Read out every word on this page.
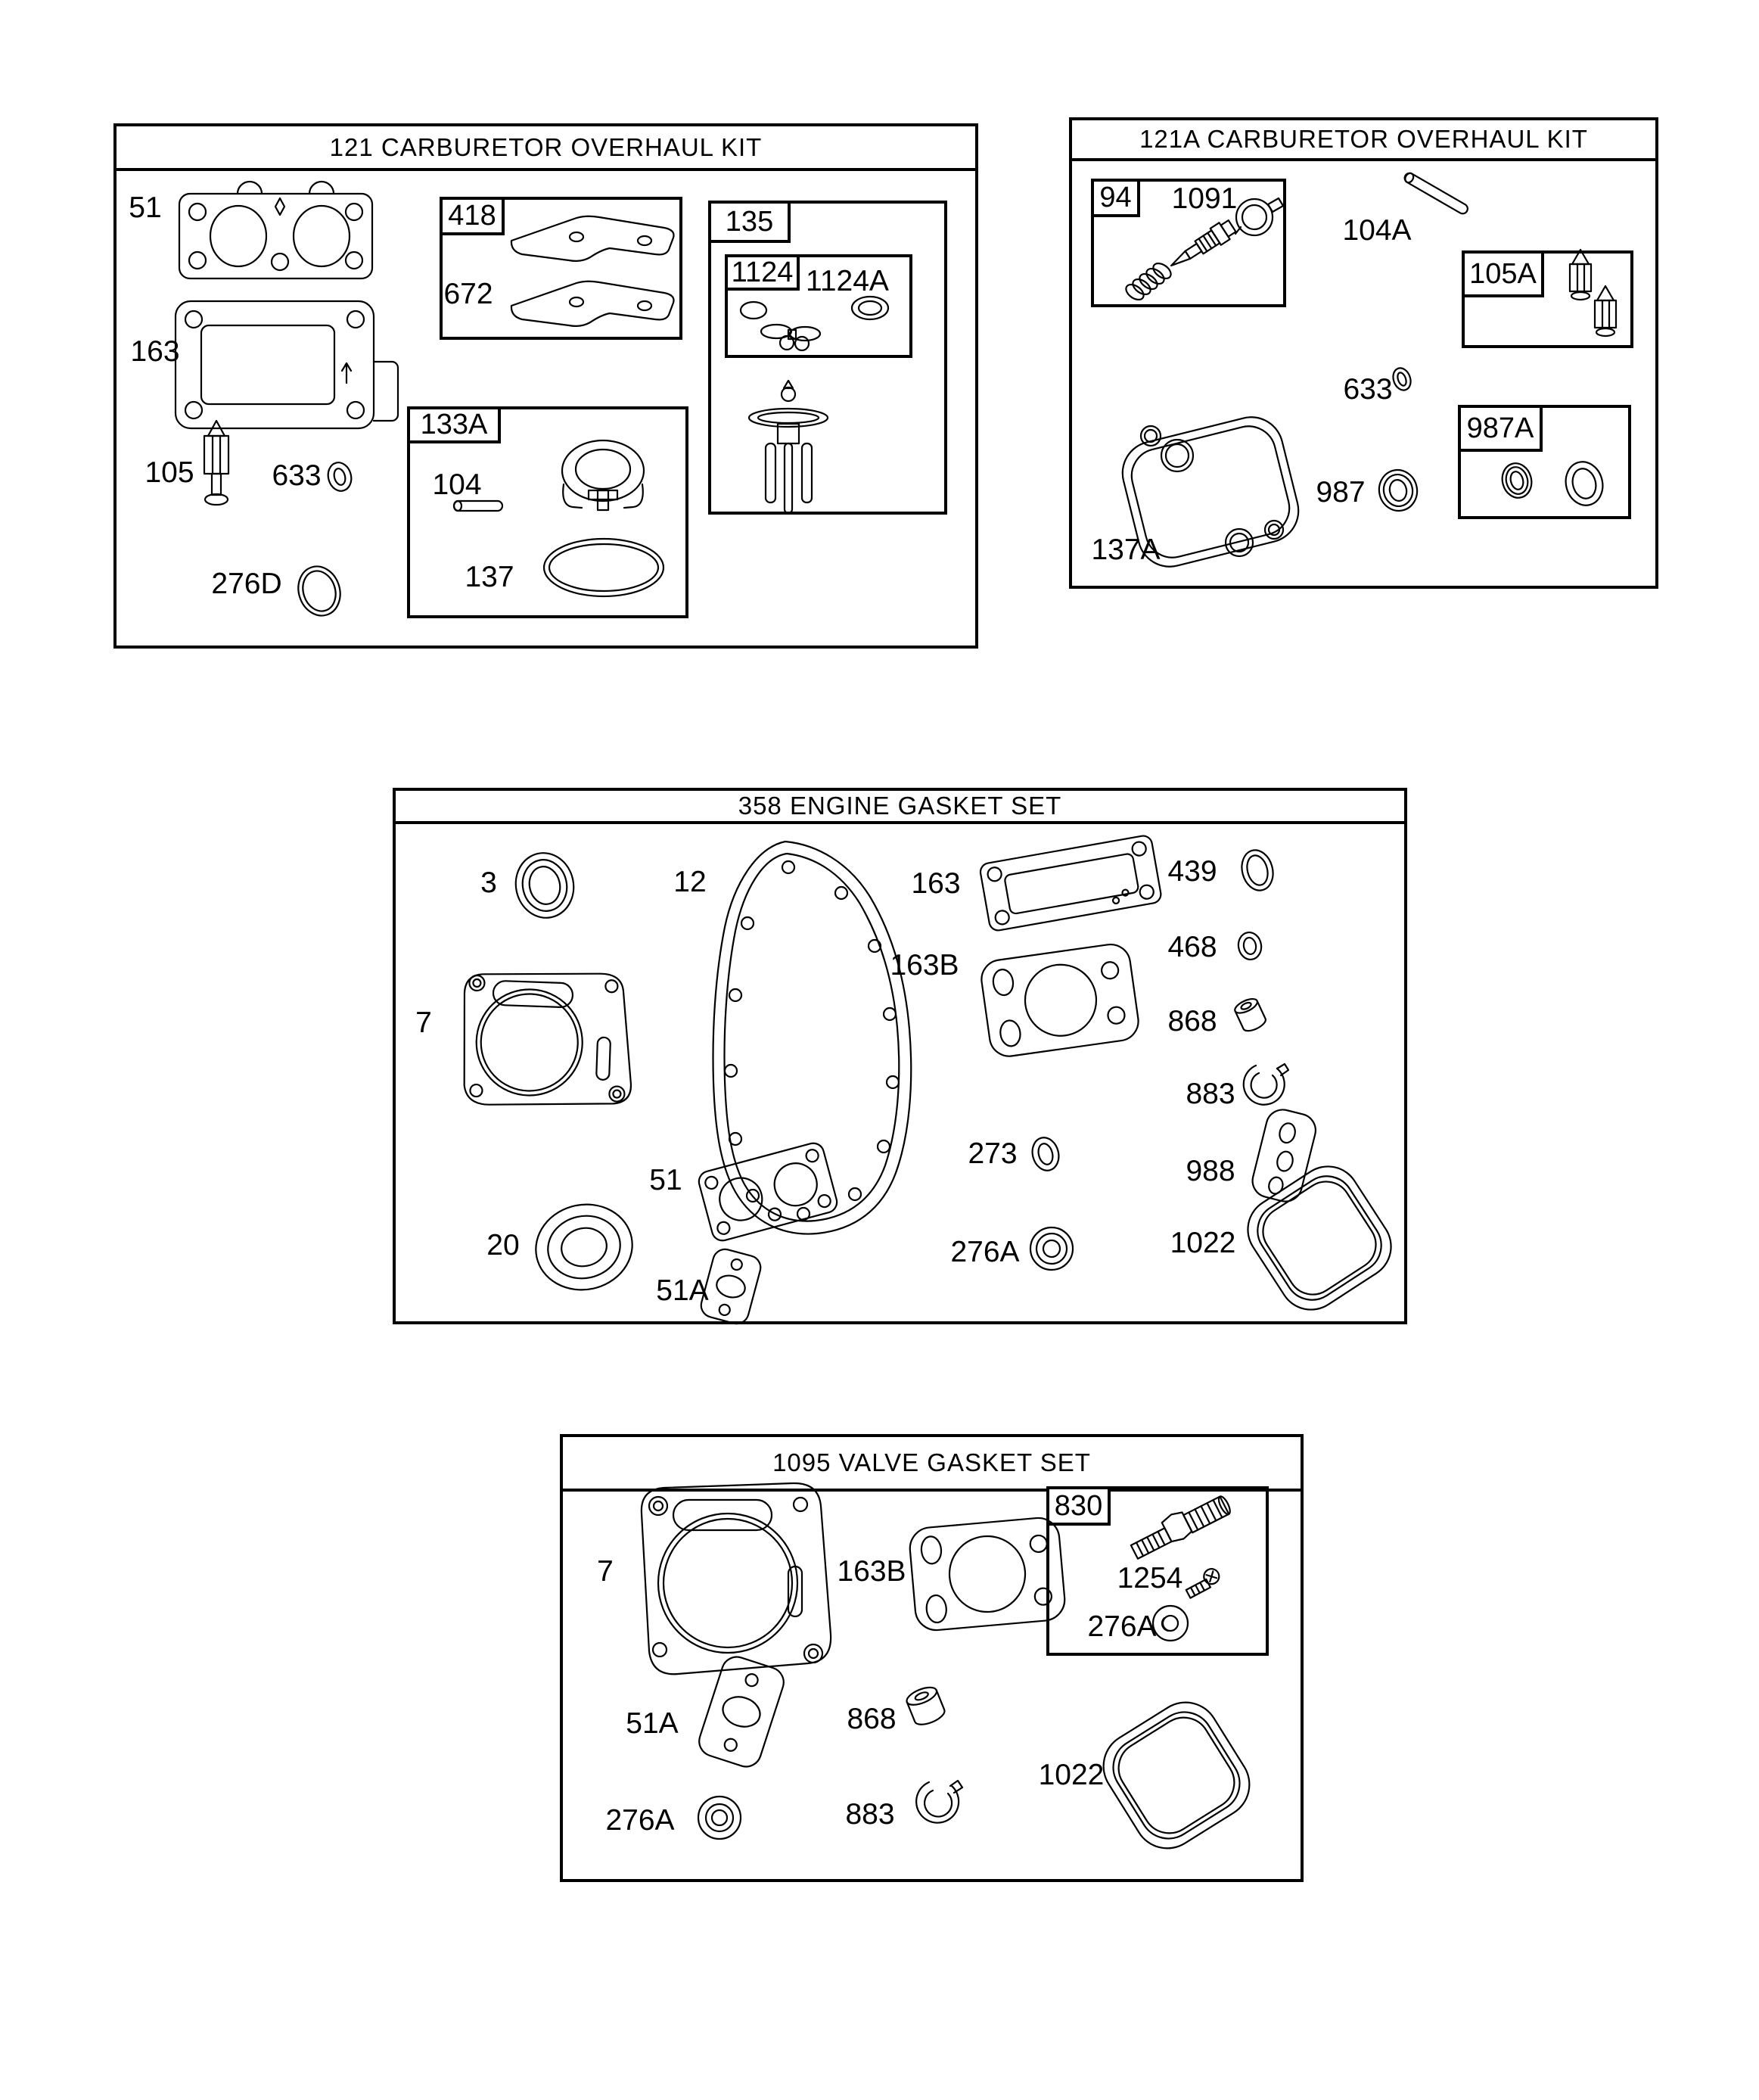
121 CARBURETOR OVERHAUL KIT	121A CARBURETOR OVERHAUL KIT
358 ENGINE GASKET SET
1095 VALVE GASKET SET
418
133A
135
1124
94
105A
987A
830
51
163
105	633
276D
672
104
137
1124A
1091
104A
633
137A
987
3	12
7
51
20
51A
163
163B
273
276A
439
468
868
883
988
1022
7	163B	1254
276A
51A	868
276A	883
1022
